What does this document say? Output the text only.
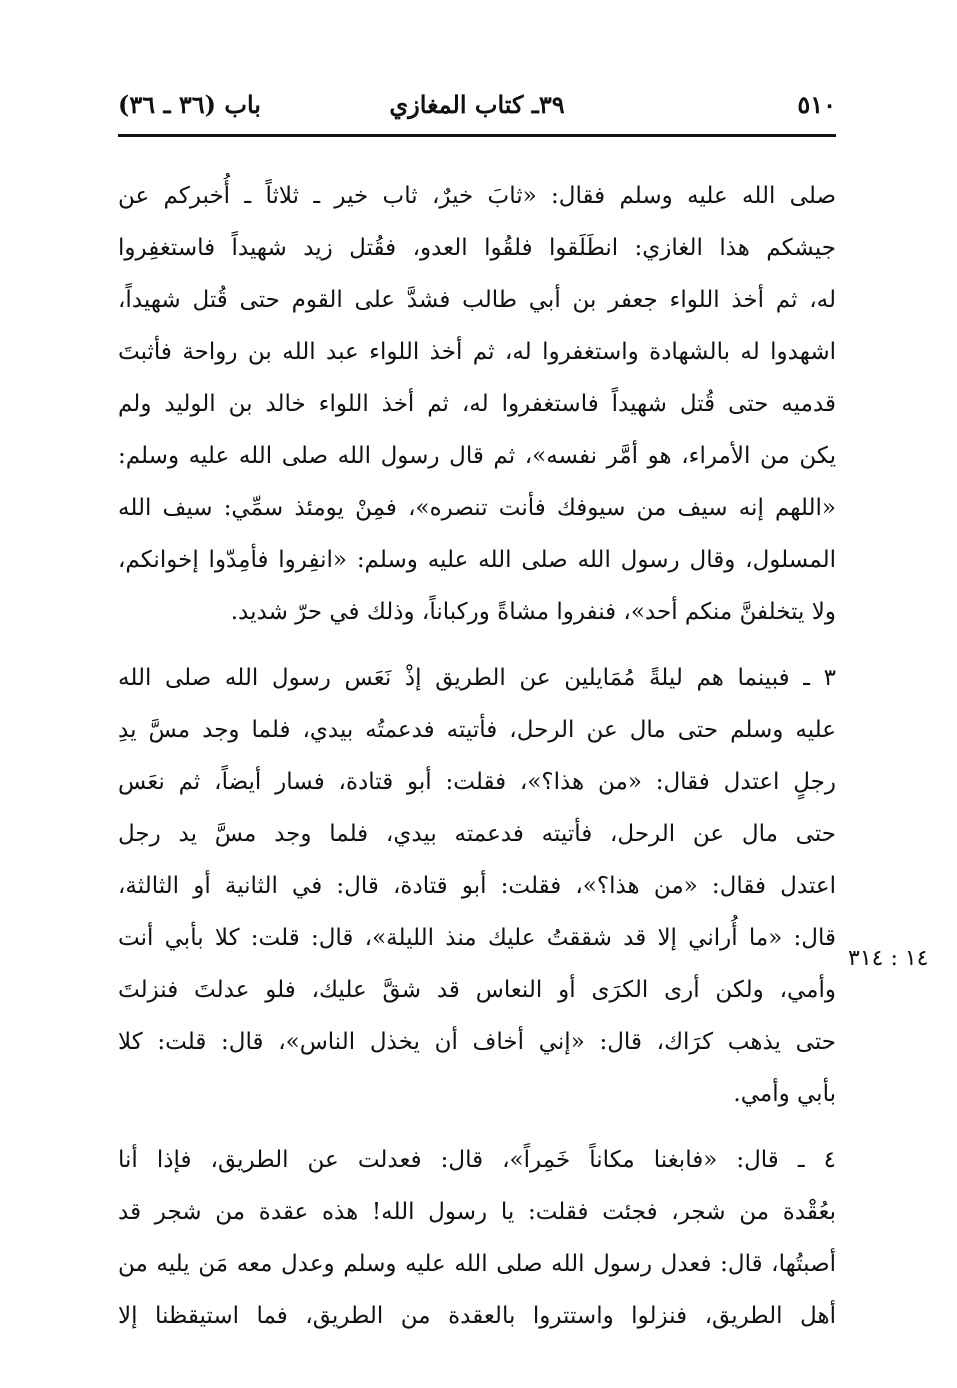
٥١٠
٣٩ـ كتاب المغازي
باب (٣٦ ـ ٣٦)
صلى الله عليه وسلم فقال: «ثابَ خيرٌ، ثاب خير ـ ثلاثاً ـ أُخبركم عن
جيشكم هذا الغازي: انطَلَقوا فلقُوا العدو، فقُتل زيد شهيداً فاستغفِروا
له، ثم أخذ اللواء جعفر بن أبي طالب فشدَّ على القوم حتى قُتل شهيداً،
اشهدوا له بالشهادة واستغفروا له، ثم أخذ اللواء عبد الله بن رواحة فأثبتَ
قدميه حتى قُتل شهيداً فاستغفروا له، ثم أخذ اللواء خالد بن الوليد ولم
يكن من الأمراء، هو أمَّر نفسه»، ثم قال رسول الله صلى الله عليه وسلم:
«اللهم إنه سيف من سيوفك فأنت تنصره»، فمِنْ يومئذ سمِّي: سيف الله
المسلول، وقال رسول الله صلى الله عليه وسلم: «انفِروا فأمِدّوا إخوانكم،
ولا يتخلفنَّ منكم أحد»، فنفروا مشاةً وركباناً، وذلك في حرّ شديد.
٣ ـ فبينما هم ليلةً مُمَايلين عن الطريق إذْ نَعَس رسول الله صلى الله
عليه وسلم حتى مال عن الرحل، فأتيته فدعمتُه بيدي، فلما وجد مسَّ يدِ
رجلٍ اعتدل فقال: «من هذا؟»، فقلت: أبو قتادة، فسار أيضاً، ثم نعَس
حتى مال عن الرحل، فأتيته فدعمته بيدي، فلما وجد مسَّ يد رجل
اعتدل فقال: «من هذا؟»، فقلت: أبو قتادة، قال: في الثانية أو الثالثة،
قال: «ما أُراني إلا قد شققتُ عليك منذ الليلة»، قال: قلت: كلا بأبي أنت
وأمي، ولكن أرى الكرَى أو النعاس قد شقَّ عليك، فلو عدلتَ فنزلتَ
حتى يذهب كرَاك، قال: «إني أخاف أن يخذل الناس»، قال: قلت: كلا
بأبي وأمي.
٤ ـ قال: «فابغنا مكاناً خَمِراً»، قال: فعدلت عن الطريق، فإذا أنا
بعُقْدة من شجر، فجئت فقلت: يا رسول الله! هذه عقدة من شجر قد
أصبتُها، قال: فعدل رسول الله صلى الله عليه وسلم وعدل معه مَن يليه من
أهل الطريق، فنزلوا واستتروا بالعقدة من الطريق، فما استيقظنا إلا
١٤ : ٣١٤
